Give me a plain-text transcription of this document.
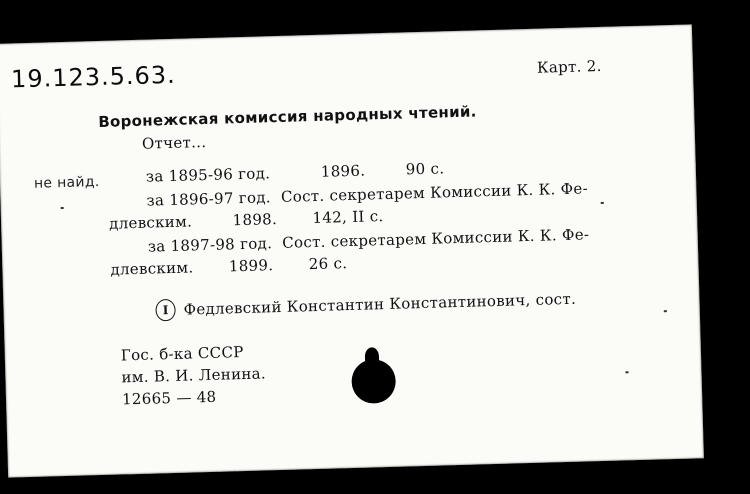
19.123.5.63.	Карт. 2.
Воронежская комиссия народных чтений.
Отчет...
не найд.	за 1895-96 год.          1896.        90 с.
за 1896-97 год.  Сост. секретарем Комиссии К. К. Фе-
длевским.        1898.       142, II с.
за 1897-98 год.  Сост. секретарем Комиссии К. К. Фе-
длевским.       1899.       26 с.
I Федлевский Константин Константинович, сост.
Гос. б-ка СССР
им. В. И. Ленина.
12665 — 48
